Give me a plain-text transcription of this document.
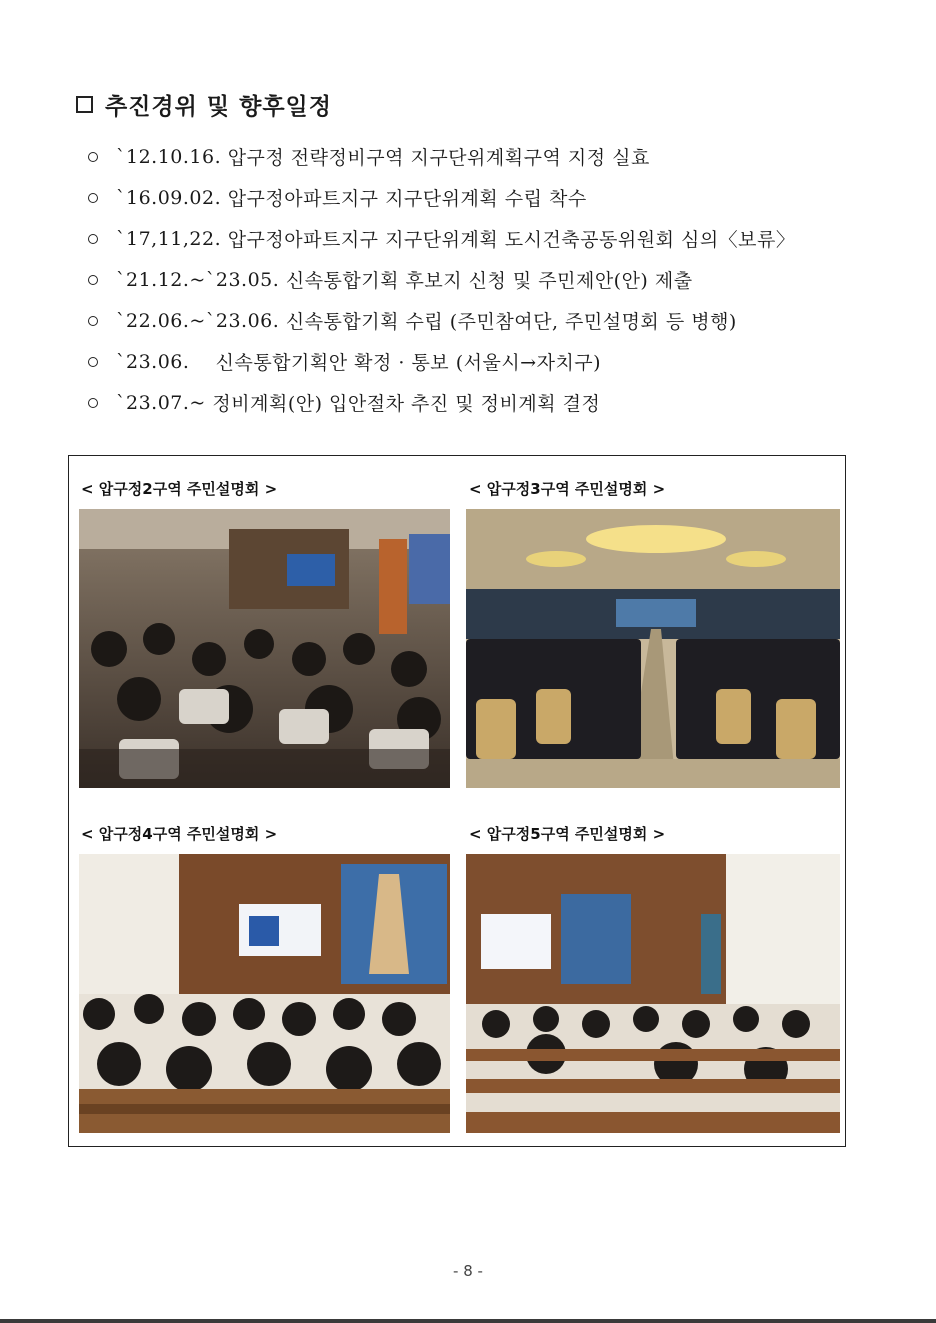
추진경위 및 향후일정
`12.10.16.
압구정 전략정비구역 지구단위계획구역 지정 실효
`16.09.02.
압구정아파트지구 지구단위계획 수립 착수
`17,11,22.
압구정아파트지구 지구단위계획 도시건축공동위원회 심의〈보류〉
`21.12.~`23.05.
신속통합기획 후보지 신청 및 주민제안(안) 제출
`22.06.~`23.06.
신속통합기획 수립 (주민참여단, 주민설명회 등 병행)
`23.06.
신속통합기획안 확정 · 통보 (서울시→자치구)
`23.07.~
정비계획(안) 입안절차 추진 및 정비계획 결정
< 압구정2구역 주민설명회 >	< 압구정3구역 주민설명회 >
< 압구정4구역 주민설명회 >	< 압구정5구역 주민설명회 >
- 8 -
